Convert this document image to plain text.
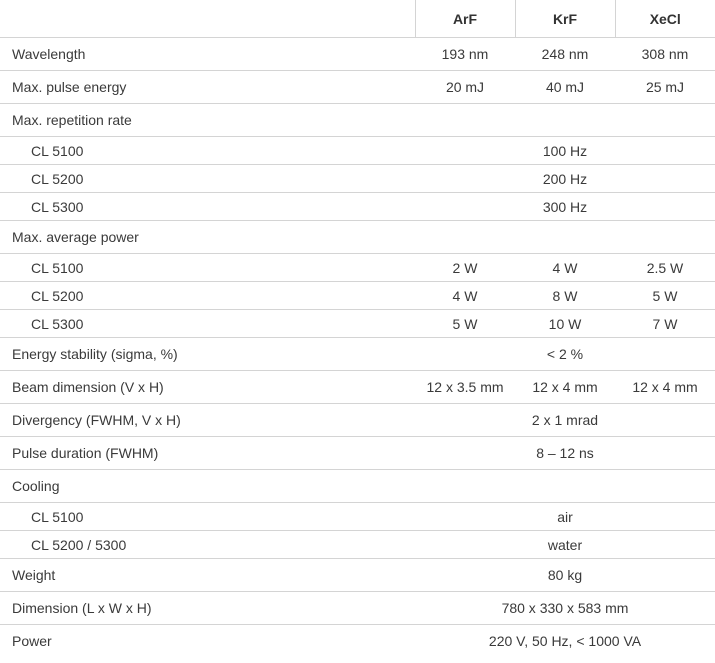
	ArF	KrF	XeCl
Wavelength	193 nm	248 nm	308 nm
Max. pulse energy	20 mJ	40 mJ	25 mJ
Max. repetition rate			
CL 5100	100 Hz		
CL 5200	200 Hz		
CL 5300	300 Hz		
Max. average power			
CL 5100	2 W	4 W	2.5 W
CL 5200	4 W	8 W	5 W
CL 5300	5 W	10 W	7 W
Energy stability (sigma, %)	< 2 %		
Beam dimension (V x H)	12 x 3.5 mm	12 x 4 mm	12 x 4 mm
Divergency (FWHM, V x H)	2 x 1 mrad		
Pulse duration (FWHM)	8 – 12 ns		
Cooling			
CL 5100	air		
CL 5200 / 5300	water		
Weight	80 kg		
Dimension (L x W x H)	780 x 330 x 583 mm		
Power	220 V, 50 Hz, < 1000 VA		
